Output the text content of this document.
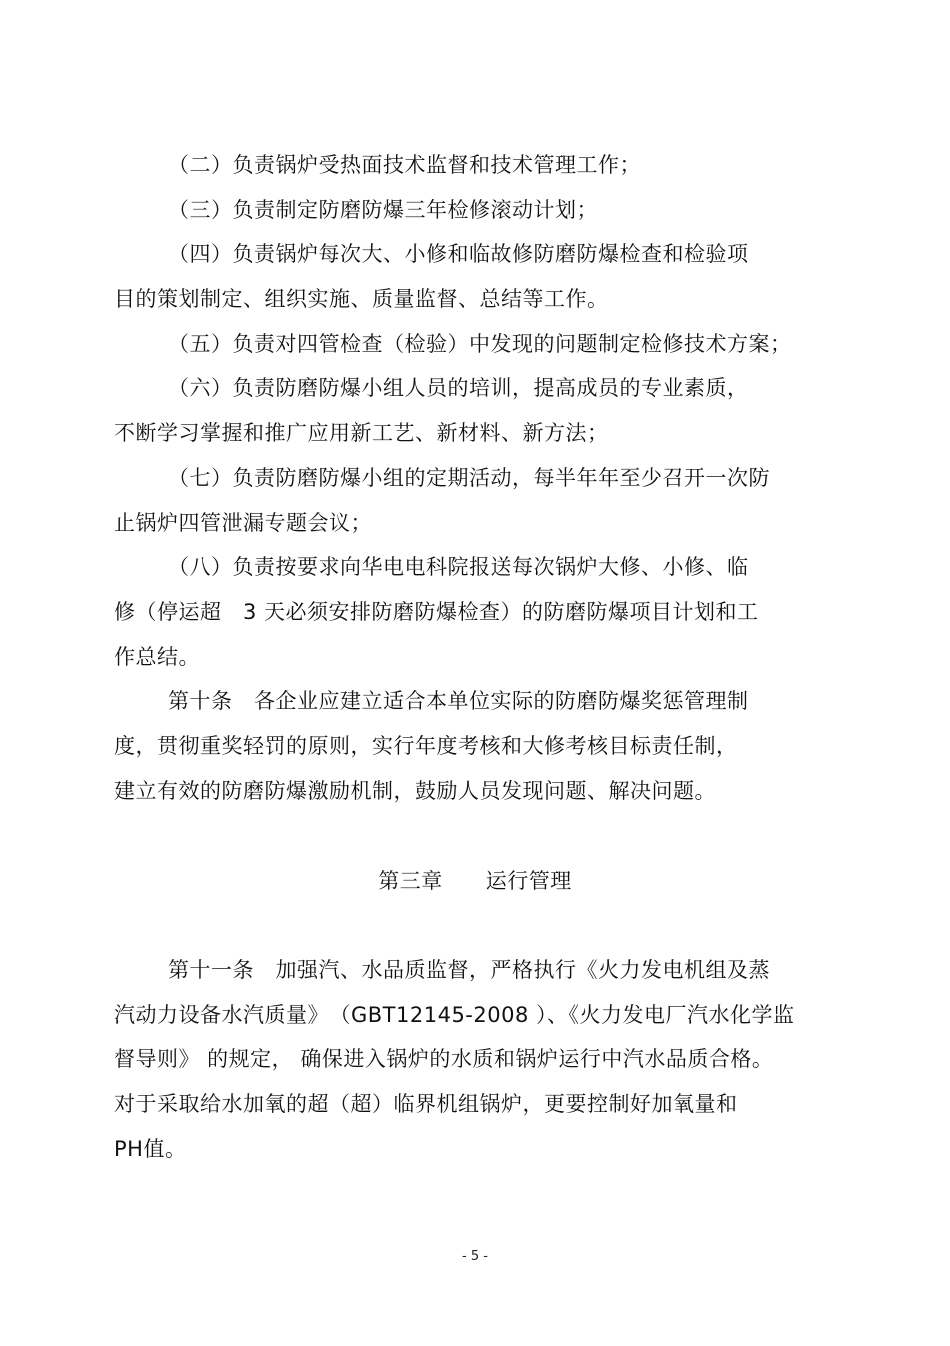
（二）负责锅炉受热面技术监督和技术管理工作；
（三）负责制定防磨防爆三年检修滚动计划；
（四）负责锅炉每次大、小修和临故修防磨防爆检查和检验项
目的策划制定、组织实施、质量监督、总结等工作。
（五）负责对四管检查（检验）中发现的问题制定检修技术方案；
（六）负责防磨防爆小组人员的培训，提高成员的专业素质，
不断学习掌握和推广应用新工艺、新材料、新方法；
（七）负责防磨防爆小组的定期活动，每半年年至少召开一次防
止锅炉四管泄漏专题会议；
（八）负责按要求向华电电科院报送每次锅炉大修、小修、临
修（停运超　3 天必须安排防磨防爆检查）的防磨防爆项目计划和工
作总结。
第十条　各企业应建立适合本单位实际的防磨防爆奖惩管理制
度，贯彻重奖轻罚的原则，实行年度考核和大修考核目标责任制，
建立有效的防磨防爆激励机制，鼓励人员发现问题、解决问题。
第三章　　运行管理
第十一条　加强汽、水品质监督，严格执行《火力发电机组及蒸
汽动力设备水汽质量》　（GBT12145-2008 ）、《火力发电厂汽水化学监
督导则》 的规定， 确保进入锅炉的水质和锅炉运行中汽水品质合格。
对于采取给水加氧的超（超）临界机组锅炉，更要控制好加氧量和
PH值。
- 5 -
